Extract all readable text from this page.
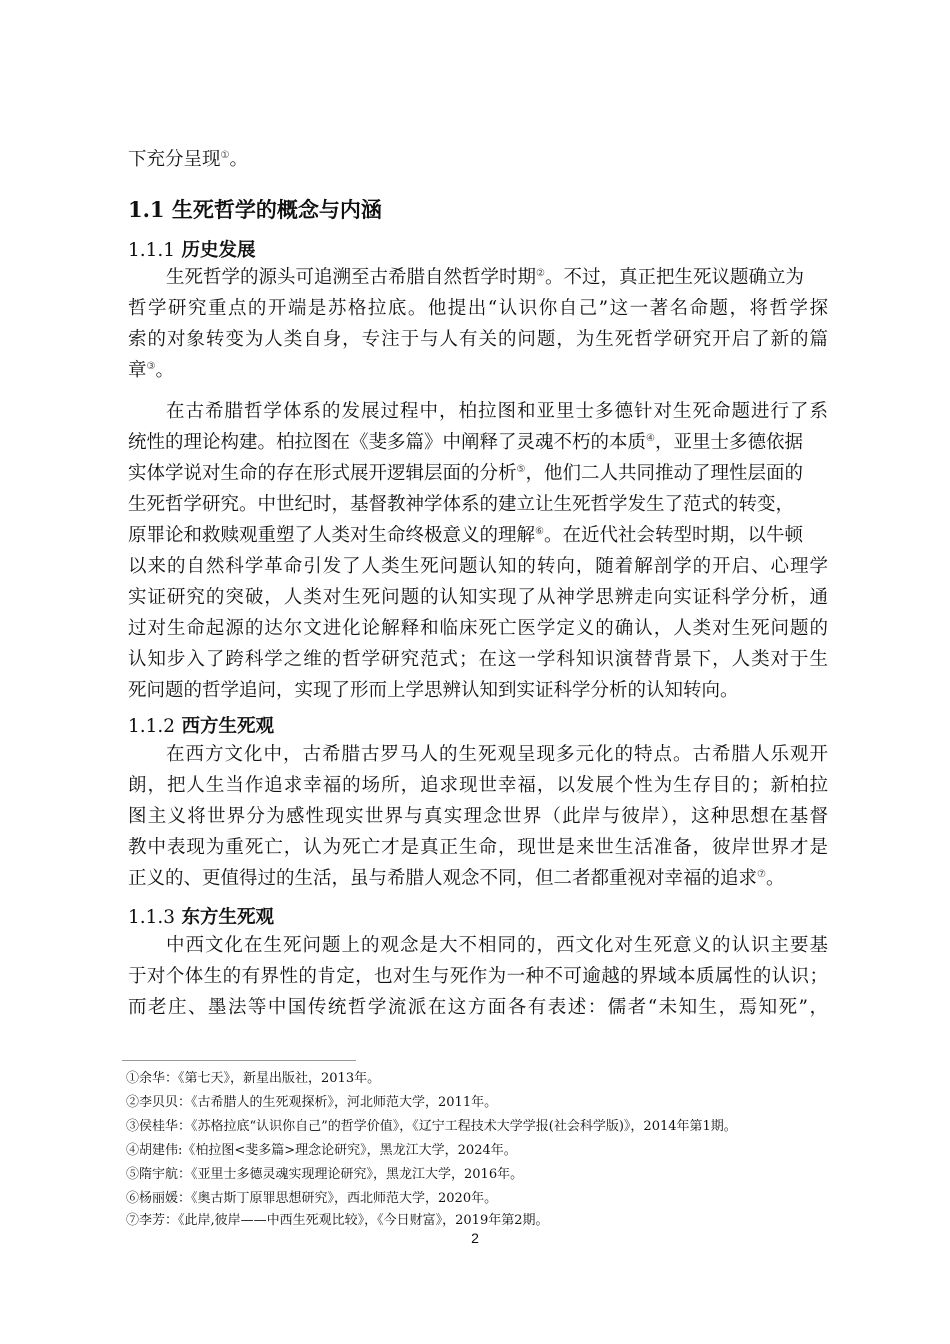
下充分呈现①。
1.1 生死哲学的概念与内涵
1.1.1 历史发展
生死哲学的源头可追溯至古希腊自然哲学时期②。不过，真正把生死议题确立为
哲学研究重点的开端是苏格拉底。他提出“认识你自己”这一著名命题，将哲学探
索的对象转变为人类自身，专注于与人有关的问题，为生死哲学研究开启了新的篇
章③。
在古希腊哲学体系的发展过程中，柏拉图和亚里士多德针对生死命题进行了系
统性的理论构建。柏拉图在《斐多篇》中阐释了灵魂不朽的本质④，亚里士多德依据
实体学说对生命的存在形式展开逻辑层面的分析⑤，他们二人共同推动了理性层面的
生死哲学研究。中世纪时，基督教神学体系的建立让生死哲学发生了范式的转变，
原罪论和救赎观重塑了人类对生命终极意义的理解⑥。在近代社会转型时期，以牛顿
以来的自然科学革命引发了人类生死问题认知的转向，随着解剖学的开启、心理学
实证研究的突破，人类对生死问题的认知实现了从神学思辨走向实证科学分析，通
过对生命起源的达尔文进化论解释和临床死亡医学定义的确认，人类对生死问题的
认知步入了跨科学之维的哲学研究范式；在这一学科知识演替背景下，人类对于生
死问题的哲学追问，实现了形而上学思辨认知到实证科学分析的认知转向。
1.1.2 西方生死观
在西方文化中，古希腊古罗马人的生死观呈现多元化的特点。古希腊人乐观开
朗，把人生当作追求幸福的场所，追求现世幸福，以发展个性为生存目的；新柏拉
图主义将世界分为感性现实世界与真实理念世界（此岸与彼岸），这种思想在基督
教中表现为重死亡，认为死亡才是真正生命，现世是来世生活准备，彼岸世界才是
正义的、更值得过的生活，虽与希腊人观念不同，但二者都重视对幸福的追求⑦。
1.1.3 东方生死观
中西文化在生死问题上的观念是大不相同的，西文化对生死意义的认识主要基
于对个体生的有界性的肯定，也对生与死作为一种不可逾越的界域本质属性的认识；
而老庄、墨法等中国传统哲学流派在这方面各有表述：儒者“未知生，焉知死”，
①余华：《第七天》，新星出版社，2013年。
②李贝贝：《古希腊人的生死观探析》，河北师范大学，2011年。
③侯桂华：《苏格拉底“认识你自己”的哲学价值》，《辽宁工程技术大学学报(社会科学版)》，2014年第1期。
④胡建伟:《柏拉图<斐多篇>理念论研究》，黑龙江大学，2024年。
⑤隋宇航：《亚里士多德灵魂实现理论研究》，黑龙江大学，2016年。
⑥杨丽媛：《奥古斯丁原罪思想研究》，西北师范大学，2020年。
⑦李芳：《此岸,彼岸——中西生死观比较》，《今日财富》，2019年第2期。
2
